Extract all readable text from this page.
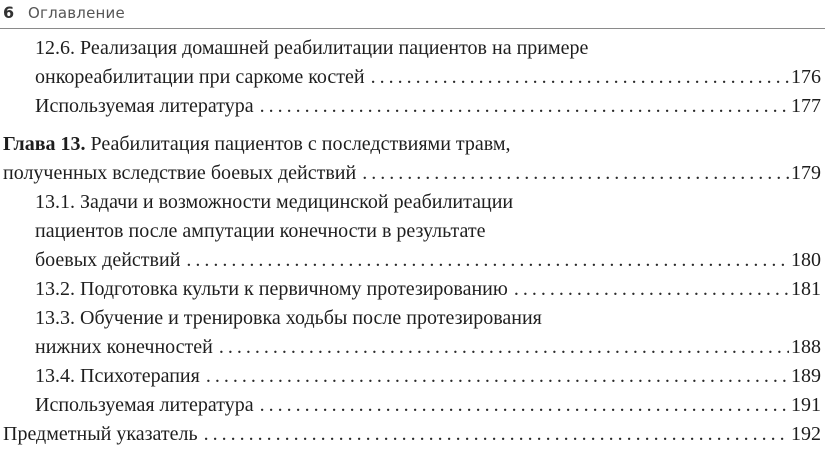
6 Оглавление
12.6. Реализация домашней реабилитации пациентов на примере
онкореабилитации при саркоме костей . . .	176
Используемая литература . . .	177
Глава 13.
Реабилитация пациентов с последствиями травм,
полученных вследствие боевых действий . . .	179
13.1. Задачи и возможности медицинской реабилитации
пациентов после ампутации конечности в результате
боевых действий . . .	180
13.2. Подготовка культи к первичному протезированию . . .	181
13.3. Обучение и тренировка ходьбы после протезирования
нижних конечностей . . .	188
13.4. Психотерапия . . .	189
Используемая литература . . .	191
Предметный указатель . . .	192
